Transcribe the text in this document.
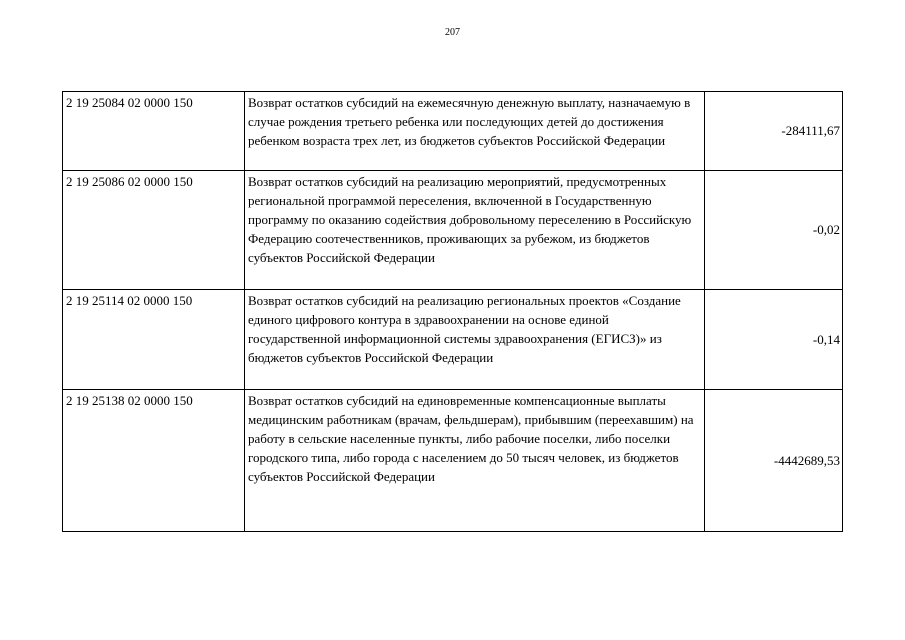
207
2 19 25084 02 0000 150	Возврат остатков субсидий на ежемесячную денежную выплату, назначаемую в случае рождения третьего ребенка или последующих детей до достижения ребенком возраста трех лет, из бюджетов субъектов Российской Федерации	-284111,67
2 19 25086 02 0000 150	Возврат остатков субсидий на реализацию мероприятий, предусмотренных региональной программой переселения, включенной в Государственную программу по оказанию содействия добровольному переселению в Российскую Федерацию соотечественников, проживающих за рубежом, из бюджетов субъектов Российской Федерации	-0,02
2 19 25114 02 0000 150	Возврат остатков субсидий на реализацию региональных проектов «Создание единого цифрового контура в здравоохранении на основе единой государственной информационной системы здравоохранения (ЕГИСЗ)» из бюджетов субъектов Российской Федерации	-0,14
2 19 25138 02 0000 150	Возврат остатков субсидий на единовременные компенсационные выплаты медицинским работникам (врачам, фельдшерам), прибывшим (переехавшим) на работу в сельские населенные пункты, либо рабочие поселки, либо поселки городского типа, либо города с населением до 50 тысяч человек, из бюджетов субъектов Российской Федерации	-4442689,53
